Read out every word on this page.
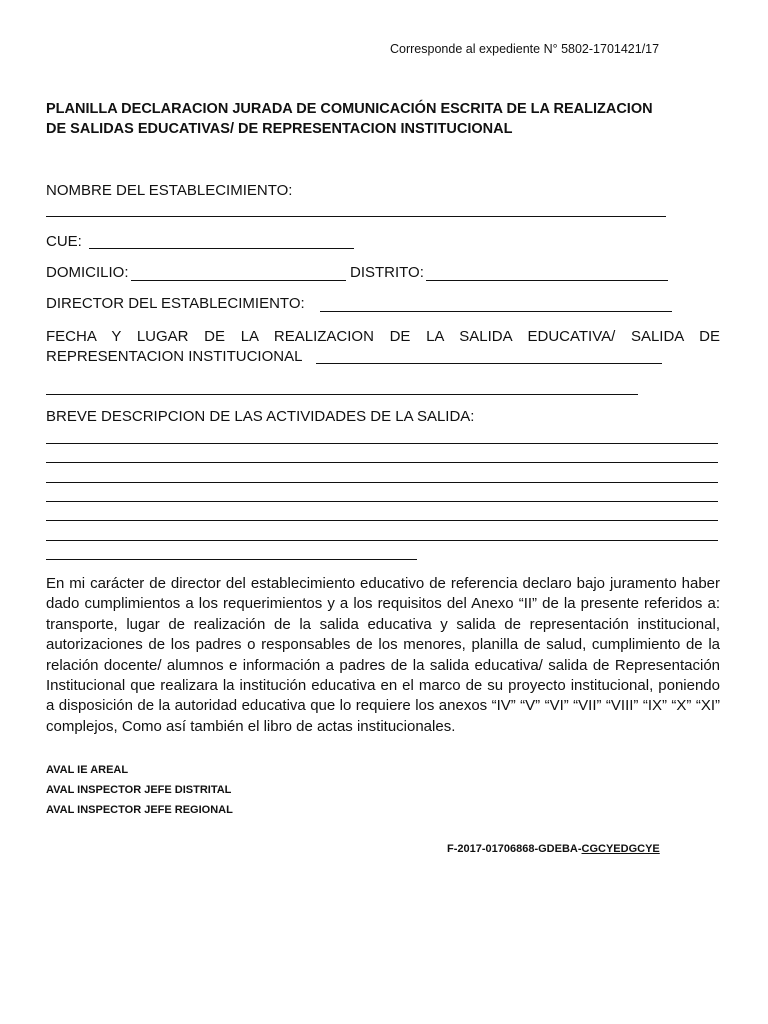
Corresponde al expediente N° 5802-1701421/17
PLANILLA DECLARACION JURADA DE COMUNICACIÓN ESCRITA DE LA REALIZACION
DE SALIDAS EDUCATIVAS/ DE REPRESENTACION INSTITUCIONAL
NOMBRE DEL ESTABLECIMIENTO:
CUE:
DOMICILIO:	DISTRITO:
DIRECTOR DEL ESTABLECIMIENTO:
FECHA  Y  LUGAR  DE  LA  REALIZACION  DE  LA  SALIDA  EDUCATIVA/  SALIDA  DE
REPRESENTACION INSTITUCIONAL
BREVE DESCRIPCION DE LAS ACTIVIDADES DE LA SALIDA:
En mi carácter de director del establecimiento educativo de referencia declaro bajo juramento haber dado cumplimientos a los requerimientos y a los requisitos del Anexo “II” de la presente referidos a: transporte, lugar de realización de la salida educativa y salida de representación institucional, autorizaciones de los padres o responsables de los menores, planilla de salud, cumplimiento de la relación docente/ alumnos e información a padres de la salida educativa/ salida de Representación Institucional que realizara la institución educativa en el marco de su proyecto institucional, poniendo a disposición de la autoridad educativa que lo requiere los anexos “IV” “V” “VI” “VII” “VIII” “IX” “X” “XI” complejos, Como así también el libro de actas institucionales.
AVAL IE AREAL
AVAL INSPECTOR JEFE DISTRITAL
AVAL INSPECTOR JEFE REGIONAL
F-2017-01706868-GDEBA-CGCYEDGCYE
